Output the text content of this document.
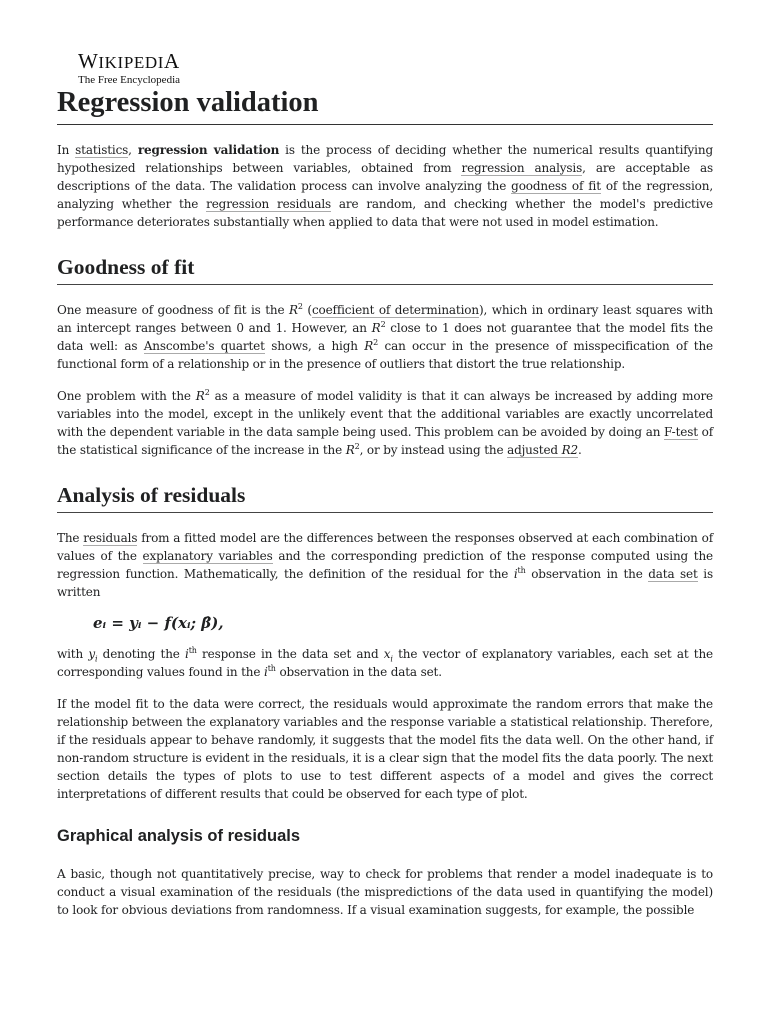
WIKIPEDIA
The Free Encyclopedia
Regression validation

In statistics, regression validation is the process of deciding whether the numerical results quantifying hypothesized relationships between variables, obtained from regression analysis, are acceptable as descriptions of the data. The validation process can involve analyzing the goodness of fit of the regression, analyzing whether the regression residuals are random, and checking whether the model's predictive performance deteriorates substantially when applied to data that were not used in model estimation.

Goodness of fit

One measure of goodness of fit is the $R^2$ (coefficient of determination), which in ordinary least squares with an intercept ranges between 0 and 1. However, an $R^2$ close to 1 does not guarantee that the model fits the data well: as Anscombe's quartet shows, a high $R^2$ can occur in the presence of misspecification of the functional form of a relationship or in the presence of outliers that distort the true relationship.

One problem with the $R^2$ as a measure of model validity is that it can always be increased by adding more variables into the model, except in the unlikely event that the additional variables are exactly uncorrelated with the dependent variable in the data sample being used. This problem can be avoided by doing an F-test of the statistical significance of the increase in the $R^2$, or by instead using the adjusted R2.

Analysis of residuals

The residuals from a fitted model are the differences between the responses observed at each combination of values of the explanatory variables and the corresponding prediction of the response computed using the regression function. Mathematically, the definition of the residual for the $i^{th}$ observation in the data set is written

eᵢ = yᵢ − f(xᵢ; β̂),

with $y_i$ denoting the $i^{th}$ response in the data set and $x_i$ the vector of explanatory variables, each set at the corresponding values found in the $i^{th}$ observation in the data set.

If the model fit to the data were correct, the residuals would approximate the random errors that make the relationship between the explanatory variables and the response variable a statistical relationship. Therefore, if the residuals appear to behave randomly, it suggests that the model fits the data well. On the other hand, if non-random structure is evident in the residuals, it is a clear sign that the model fits the data poorly. The next section details the types of plots to use to test different aspects of a model and gives the correct interpretations of different results that could be observed for each type of plot.

Graphical analysis of residuals

A basic, though not quantitatively precise, way to check for problems that render a model inadequate is to conduct a visual examination of the residuals (the mispredictions of the data used in quantifying the model) to look for obvious deviations from randomness. If a visual examination suggests, for example, the possible
